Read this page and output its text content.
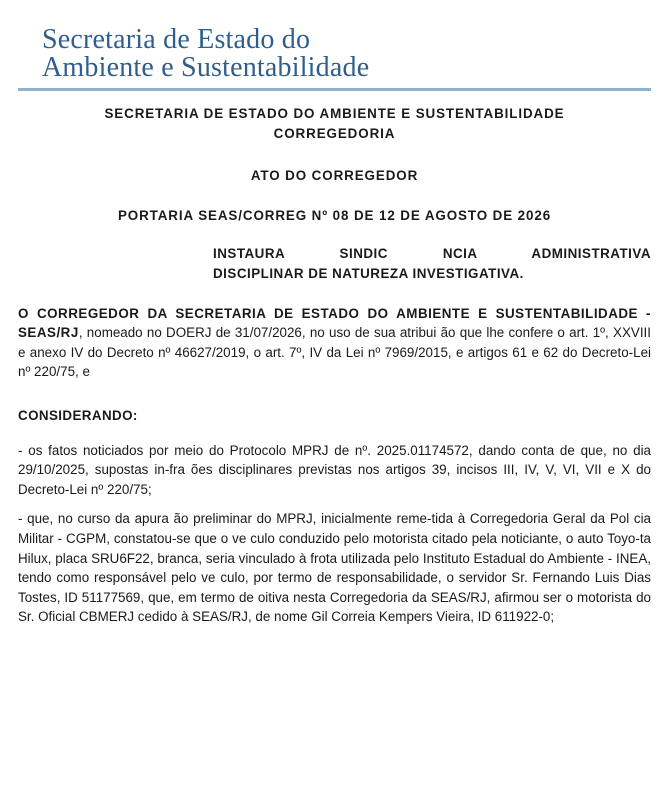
Secretaria de Estado do
Ambiente e Sustentabilidade
SECRETARIA DE ESTADO DO AMBIENTE E SUSTENTABILIDADE
CORREGEDORIA
ATO DO CORREGEDOR
PORTARIA SEAS/CORREG Nº 08 DE 12 DE AGOSTO DE 2026
INSTAURA SINDIC NCIA ADMINISTRATIVA
DISCIPLINAR DE NATUREZA INVESTIGATIVA.

O CORREGEDOR DA SECRETARIA DE ESTADO DO AMBIENTE E SUSTENTABILIDADE - SEAS/RJ, nomeado no DOERJ de 31/07/2026, no uso de sua atribui ão que lhe confere o art. 1º, XXVIII e anexo IV do Decreto nº 46627/2019, o art. 7º, IV da Lei nº 7969/2015, e artigos 61 e 62 do Decreto-Lei nº 220/75, e

CONSIDERANDO:

- os fatos noticiados por meio do Protocolo MPRJ de nº. 2025.01174572, dando conta de que, no dia 29/10/2025, supostas in-fra ões disciplinares previstas nos artigos 39, incisos III, IV, V, VI, VII e X do Decreto-Lei nº 220/75;

- que, no curso da apura ão preliminar do MPRJ, inicialmente reme-tida à Corregedoria Geral da Pol cia Militar - CGPM, constatou-se que o ve culo conduzido pelo motorista citado pela noticiante, o auto Toyo-ta Hilux, placa SRU6F22, branca, seria vinculado à frota utilizada pelo Instituto Estadual do Ambiente - INEA, tendo como responsável pelo ve culo, por termo de responsabilidade, o servidor Sr. Fernando Luis Dias Tostes, ID 51177569, que, em termo de oitiva nesta Corregedoria da SEAS/RJ, afirmou ser o motorista do Sr. Oficial CBMERJ cedido à SEAS/RJ, de nome Gil Correia Kempers Vieira, ID 611922-0;
